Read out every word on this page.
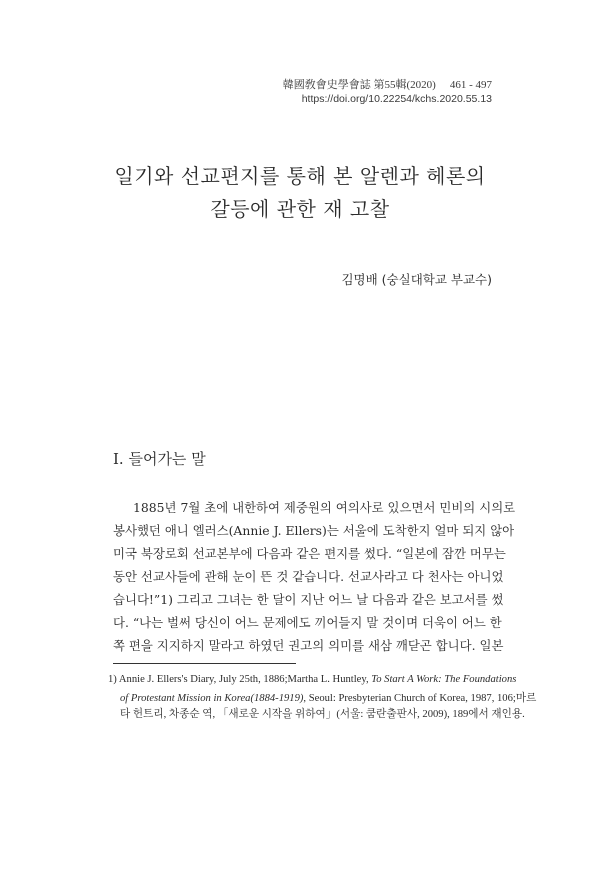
韓國敎會史學會誌 第55輯(2020) 461 - 497
https://doi.org/10.22254/kchs.2020.55.13
일기와 선교편지를 통해 본 알렌과 헤론의
갈등에 관한 재 고찰
김명배 (숭실대학교 부교수)
I. 들어가는 말
1885년 7월 초에 내한하여 제중원의 여의사로 있으면서 민비의 시의로
봉사했던 애니 엘러스(Annie J. Ellers)는 서울에 도착한지 얼마 되지 않아
미국 북장로회 선교본부에 다음과 같은 편지를 썼다. “일본에 잠깐 머무는
동안 선교사들에 관해 눈이 뜬 것 같습니다. 선교사라고 다 천사는 아니었
습니다!”1) 그리고 그녀는 한 달이 지난 어느 날 다음과 같은 보고서를 썼
다. “나는 벌써 당신이 어느 문제에도 끼어들지 말 것이며 더욱이 어느 한
쪽 편을 지지하지 말라고 하였던 권고의 의미를 새삼 깨닫곤 합니다. 일본
1) Annie J. Ellers's Diary, July 25th, 1886;Martha L. Huntley, To Start A Work: The Foundations
of Protestant Mission in Korea(1884-1919), Seoul: Presbyterian Church of Korea, 1987, 106;마르
타 헌트리, 차종순 역, 「새로운 시작을 위하여」(서울: 쿰란출판사, 2009), 189에서 재인용.
